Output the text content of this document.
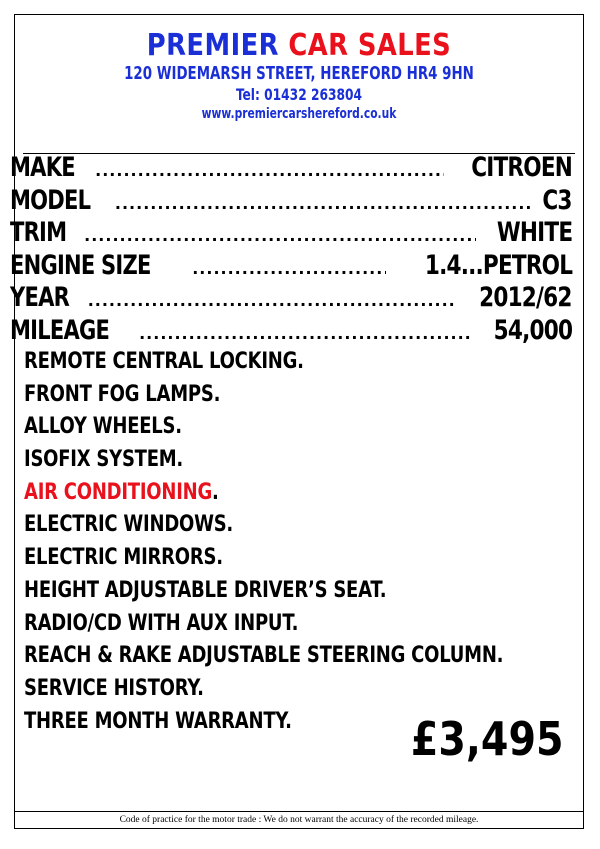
PREMIER CAR SALES
120 WIDEMARSH STREET, HEREFORD HR4 9HN
Tel: 01432 263804
www.premiercarshereford.co.uk
Code of practice for the motor trade : We do not warrant the accuracy of the recorded mileage.
MAKE .....	CITROEN
MODEL .....	C3
TRIM .....	WHITE
ENGINE SIZE .....	1.4...PETROL
YEAR .....	2012/62
MILEAGE .....	54,000
REMOTE CENTRAL LOCKING.
FRONT FOG LAMPS.
ALLOY WHEELS.
ISOFIX SYSTEM.
AIR CONDITIONING.
ELECTRIC WINDOWS.
ELECTRIC MIRRORS.
HEIGHT ADJUSTABLE DRIVER’S SEAT.
RADIO/CD WITH AUX INPUT.
REACH & RAKE ADJUSTABLE STEERING COLUMN.
SERVICE HISTORY.
THREE MONTH WARRANTY.	£3,495
